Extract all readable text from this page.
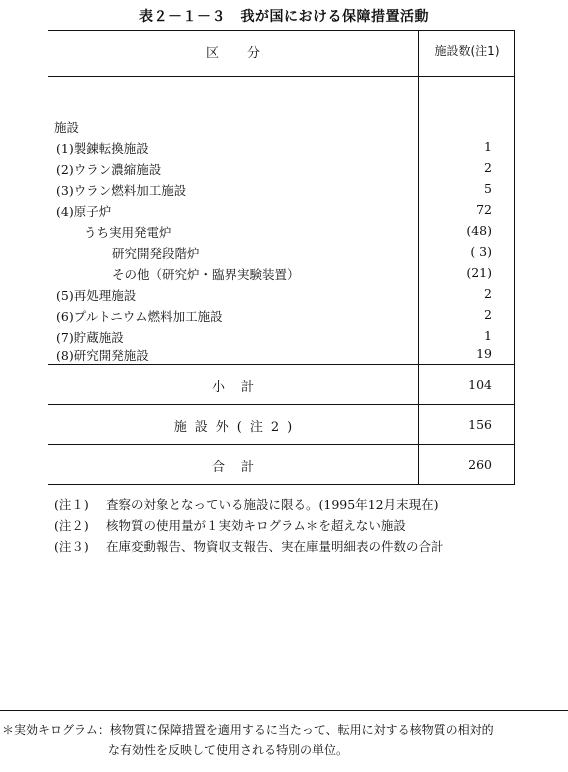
表２－１－３　我が国における保障措置活動
区分	施設数(注1)
施設
(1)製錬転換施設	1
(2)ウラン濃縮施設	2
(3)ウラン燃料加工施設	5
(4)原子炉	72
うち実用発電炉	(48)
研究開発段階炉	( 3)
その他（研究炉・臨界実験装置）	(21)
(5)再処理施設	2
(6)プルトニウム燃料加工施設	2
(7)貯蔵施設	1
(8)研究開発施設	19
小計	104
施設外(注2)	156
合計	260
(注１)	査察の対象となっている施設に限る。(1995年12月末現在)
(注２)	核物質の使用量が１実効キログラム＊を超えない施設
(注３)	在庫変動報告、物資収支報告、実在庫量明細表の件数の合計
＊実効キログラム：核物質に保障措置を適用するに当たって、転用に対する核物質の相対的
な有効性を反映して使用される特別の単位。
